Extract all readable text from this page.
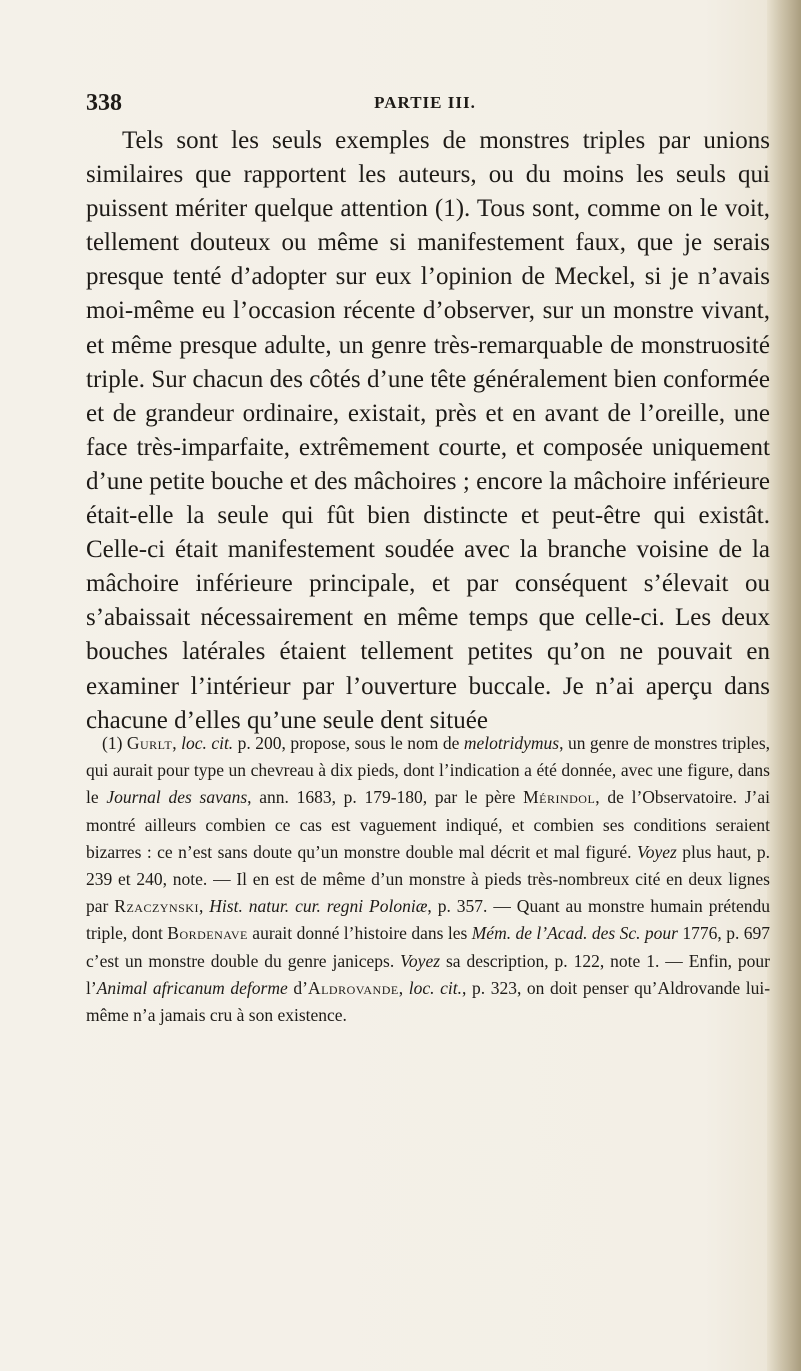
338	PARTIE III.

Tels sont les seuls exemples de monstres triples par unions similaires que rapportent les auteurs, ou du moins les seuls qui puissent mériter quelque attention (1). Tous sont, comme on le voit, tellement douteux ou même si manifestement faux, que je serais presque tenté d’adopter sur eux l’opinion de Meckel, si je n’avais moi-même eu l’occasion récente d’observer, sur un monstre vivant, et même presque adulte, un genre très-remarquable de monstruosité triple. Sur chacun des côtés d’une tête généralement bien conformée et de grandeur ordinaire, existait, près et en avant de l’oreille, une face très-imparfaite, extrêmement courte, et composée uniquement d’une petite bouche et des mâchoires ; encore la mâchoire inférieure était-elle la seule qui fût bien distincte et peut-être qui existât. Celle-ci était manifestement soudée avec la branche voisine de la mâchoire inférieure principale, et par conséquent s’élevait ou s’abaissait nécessairement en même temps que celle-ci. Les deux bouches latérales étaient tellement petites qu’on ne pouvait en examiner l’intérieur par l’ouverture buccale. Je n’ai aperçu dans chacune d’elles qu’une seule dent située

(1) Gurlt, loc. cit. p. 200, propose, sous le nom de melotridymus, un genre de monstres triples, qui aurait pour type un chevreau à dix pieds, dont l’indication a été donnée, avec une figure, dans le Journal des savans, ann. 1683, p. 179-180, par le père Mérindol, de l’Observatoire. J’ai montré ailleurs combien ce cas est vaguement indiqué, et combien ses conditions seraient bizarres : ce n’est sans doute qu’un monstre double mal décrit et mal figuré. Voyez plus haut, p. 239 et 240, note. — Il en est de même d’un monstre à pieds très-nombreux cité en deux lignes par Rzaczynski, Hist. natur. cur. regni Poloniæ, p. 357. — Quant au monstre humain prétendu triple, dont Bordenave aurait donné l’histoire dans les Mém. de l’Acad. des Sc. pour 1776, p. 697 c’est un monstre double du genre janiceps. Voyez sa description, p. 122, note 1. — Enfin, pour l’Animal africanum deforme d’Aldrovande, loc. cit., p. 323, on doit penser qu’Aldrovande lui-même n’a jamais cru à son existence.
